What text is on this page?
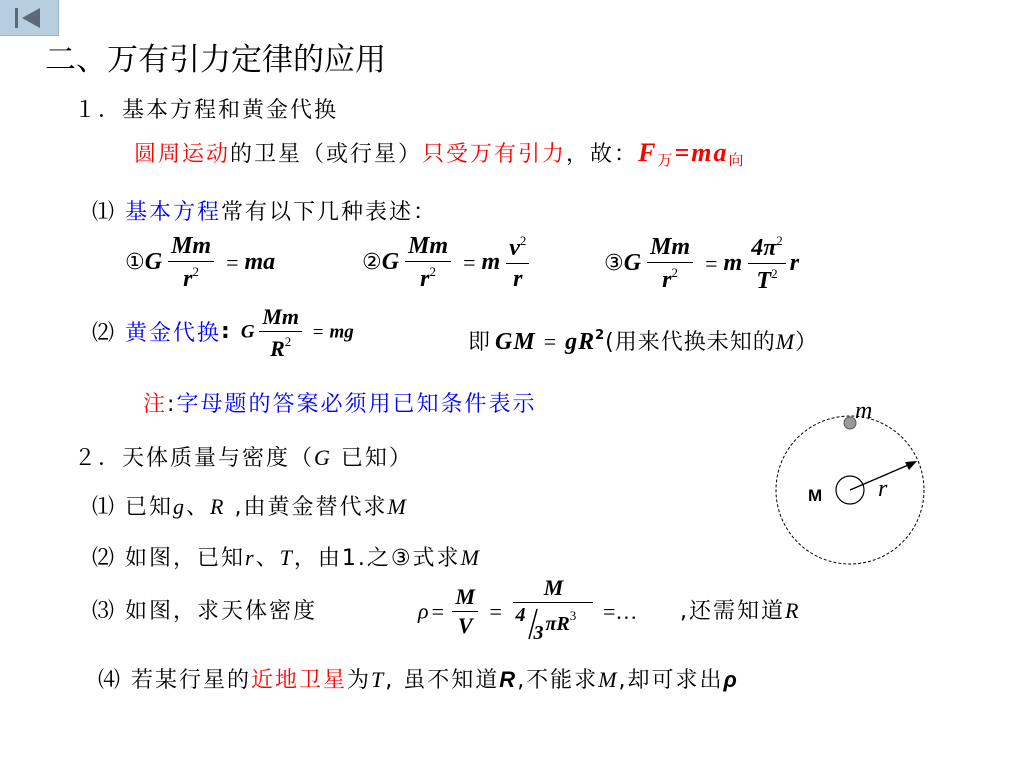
二、万有引力定律的应用
１．基本方程和黄金代换
圆周运动的卫星（或行星）只受万有引力，故：$F_万=ma_向$
⑴ 基本方程常有以下几种表述：
①G $\frac{Mm}{r^2}$ = ma	②G $\frac{Mm}{r^2} = m \frac{v^2}{r}$	③G $\frac{Mm}{r^2} = m \frac{4\pi^2}{T^2}$ r
⑵ 黄金代换: G $\frac{Mm}{R^2}$ = mg	即 GM = $gR^2$(用来代换未知的M）
注:字母题的答案必须用已知条件表示
２．天体质量与密度（G 已知）
⑴ 已知g、R ,由黄金替代求M
⑵ 如图，已知r、T，由1.之③式求M
⑶ 如图，求天体密度	$\rho = \frac{M}{V} = M$
4
3 $\pi R^3$ =… ,还需知道R
⑷ 若某行星的近地卫星为T, 虽不知道R,不能求M,却可求出ρ
m
M r
